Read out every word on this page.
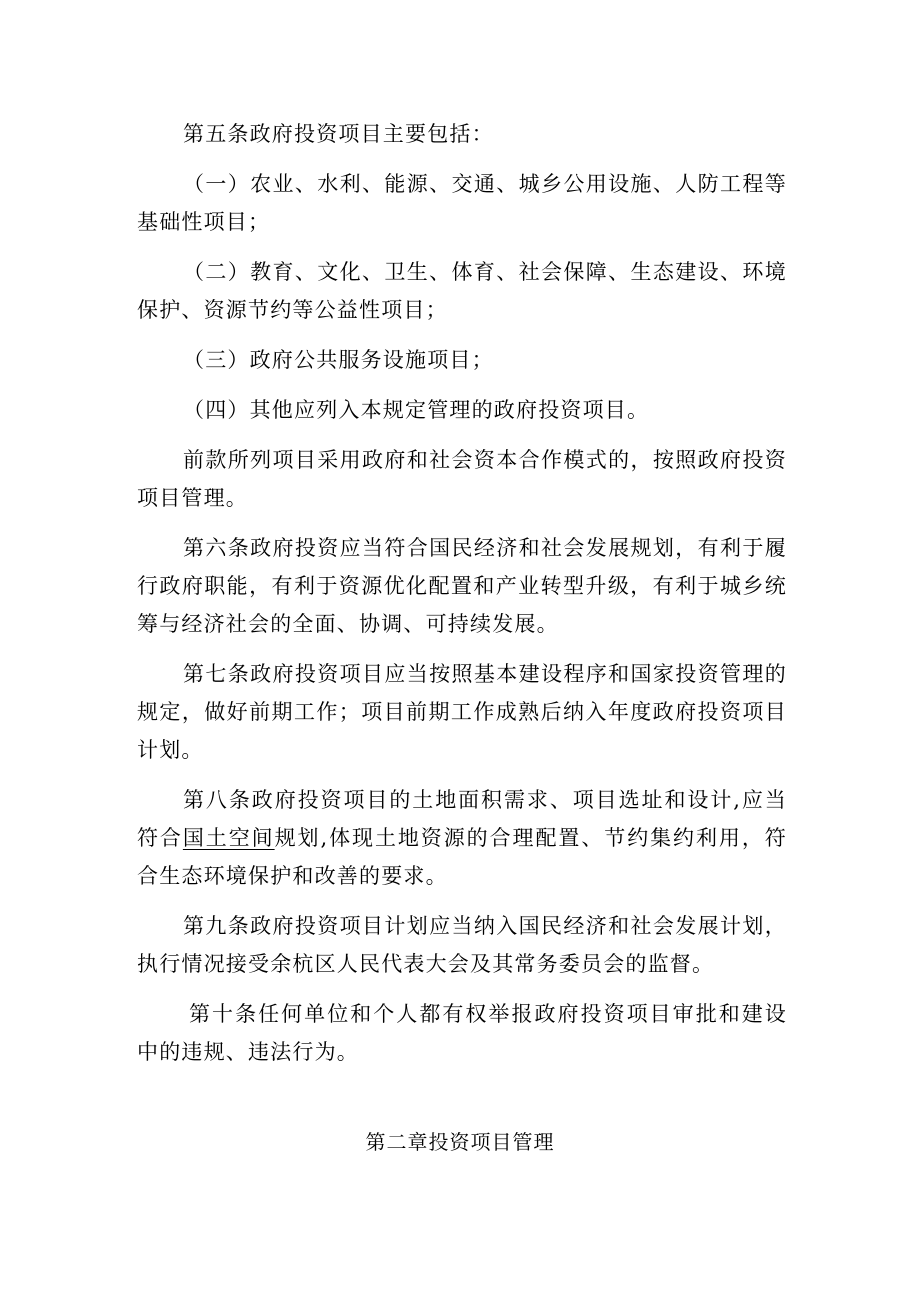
第五条政府投资项目主要包括：

（一）农业、水利、能源、交通、城乡公用设施、人防工程等基础性项目；

（二）教育、文化、卫生、体育、社会保障、生态建设、环境保护、资源节约等公益性项目；

（三）政府公共服务设施项目；

（四）其他应列入本规定管理的政府投资项目。

前款所列项目采用政府和社会资本合作模式的，按照政府投资项目管理。

第六条政府投资应当符合国民经济和社会发展规划，有利于履行政府职能，有利于资源优化配置和产业转型升级，有利于城乡统筹与经济社会的全面、协调、可持续发展。

第七条政府投资项目应当按照基本建设程序和国家投资管理的规定，做好前期工作；项目前期工作成熟后纳入年度政府投资项目计划。

第八条政府投资项目的土地面积需求、项目选址和设计,应当符合国土空间规划,体现土地资源的合理配置、节约集约利用，符合生态环境保护和改善的要求。

第九条政府投资项目计划应当纳入国民经济和社会发展计划，执行情况接受余杭区人民代表大会及其常务委员会的监督。

第十条任何单位和个人都有权举报政府投资项目审批和建设中的违规、违法行为。

第二章投资项目管理
